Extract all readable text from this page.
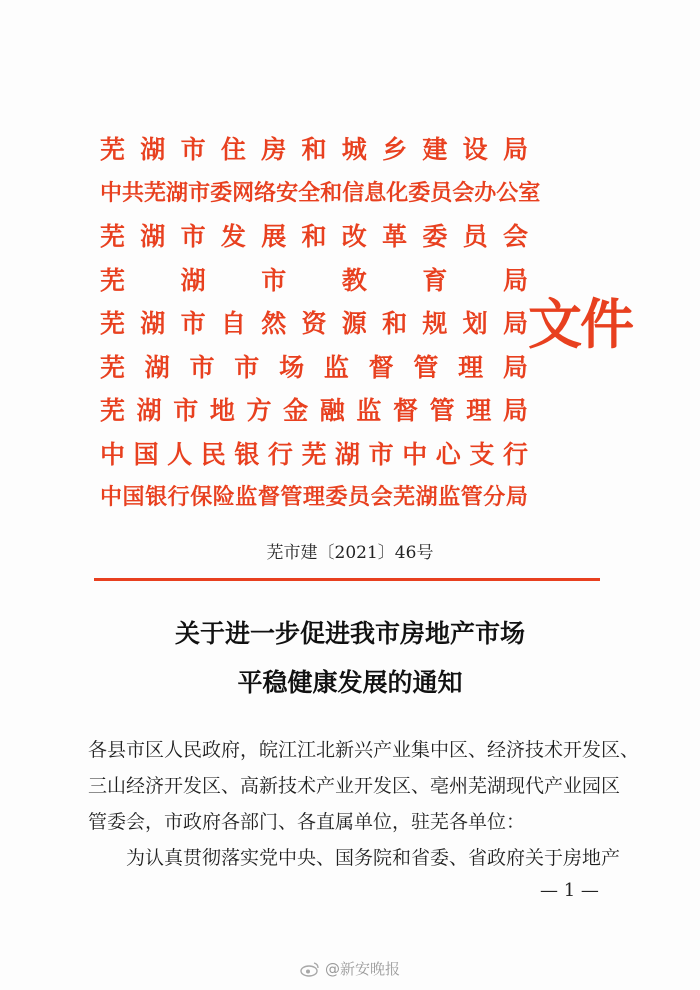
芜 湖 市 住 房 和 城 乡 建 设 局
中 共 芜 湖 市 委 网 络 安 全 和 信 息 化 委 员 会 办 公 室
芜 湖 市 发 展 和 改 革 委 员 会
芜 湖 市 教 育 局
芜 湖 市 自 然 资 源 和 规 划 局
芜 湖 市 市 场 监 督 管 理 局
芜 湖 市 地 方 金 融 监 督 管 理 局
中 国 人 民 银 行 芜 湖 市 中 心 支 行
中 国 银 行 保 险 监 督 管 理 委 员 会 芜 湖 监 管 分 局
文件
芜市建〔2021〕46号
关于进一步促进我市房地产市场
平稳健康发展的通知
各县市区人民政府，皖江江北新兴产业集中区、经济技术开发区、
三山经济开发区、高新技术产业开发区、亳州芜湖现代产业园区
管委会，市政府各部门、各直属单位，驻芜各单位：
　　为认真贯彻落实党中央、国务院和省委、省政府关于房地产
— 1 —
@新安晚报
